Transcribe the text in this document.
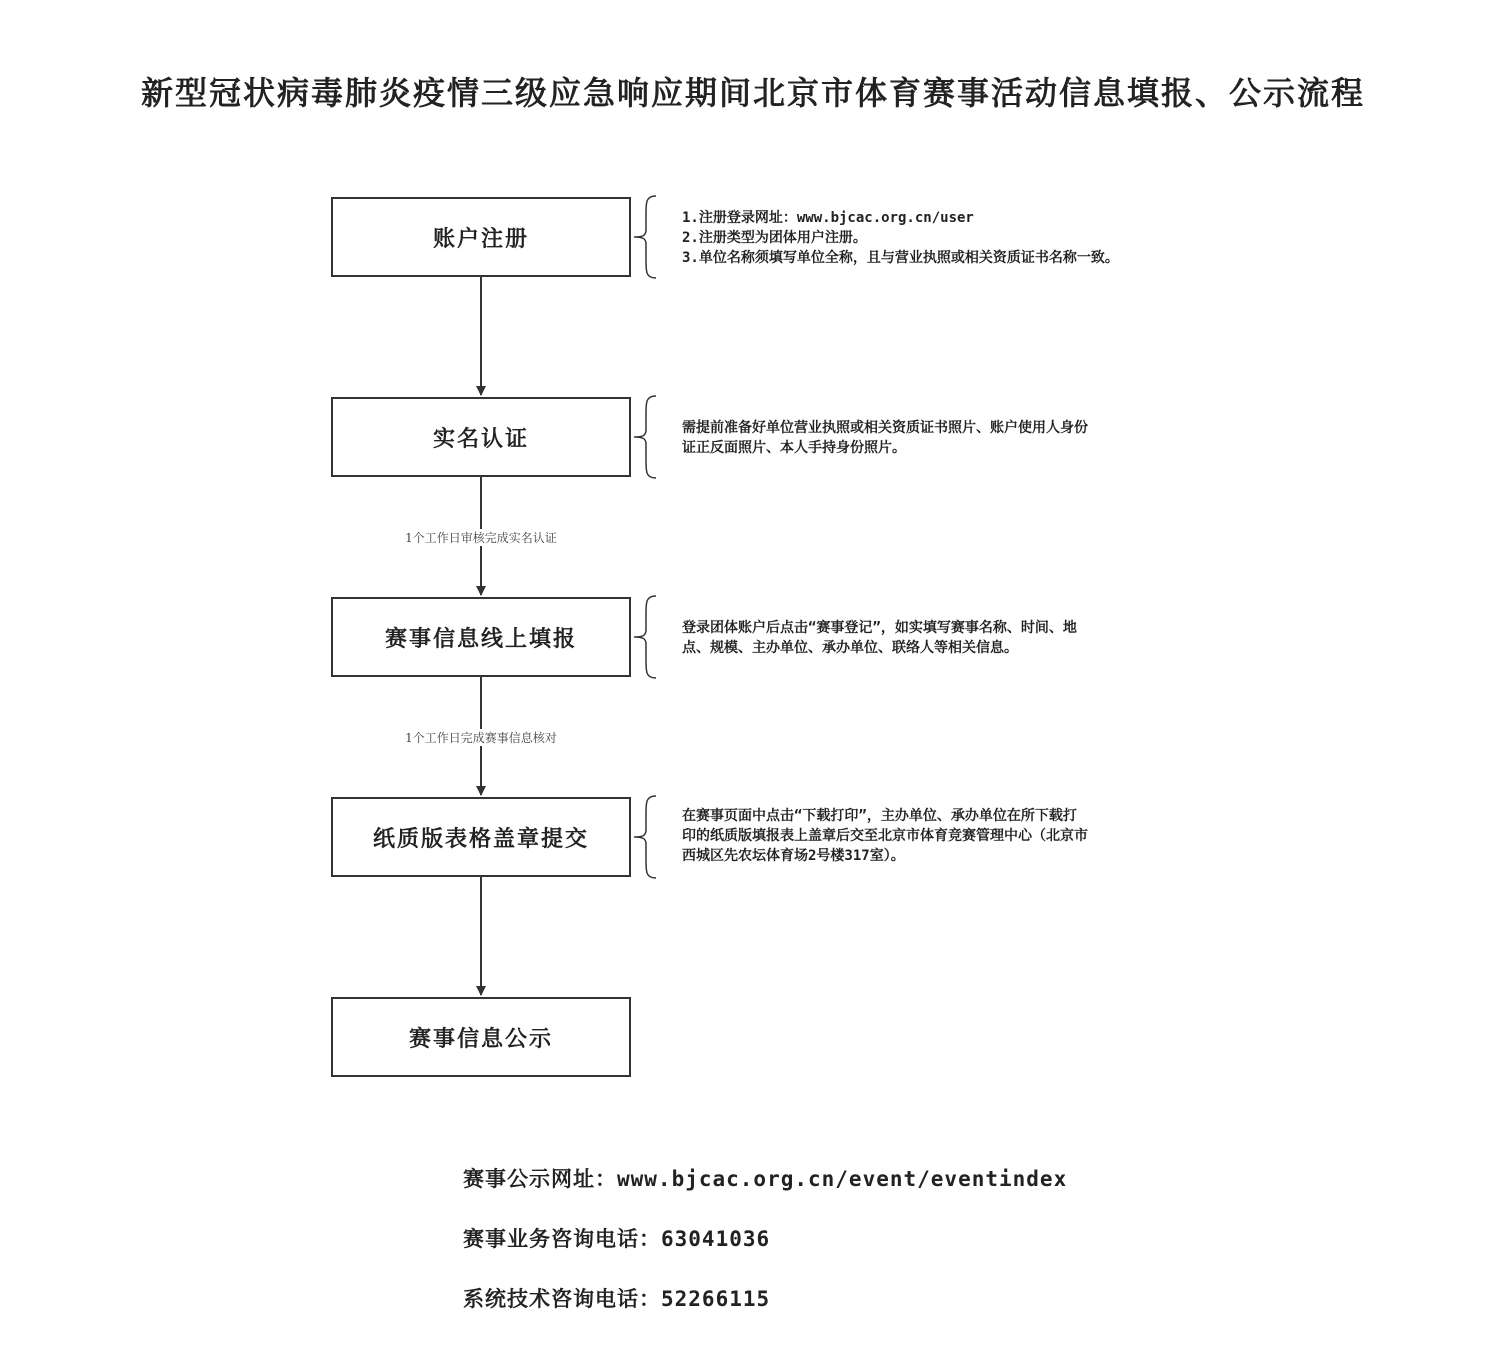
新型冠状病毒肺炎疫情三级应急响应期间北京市体育赛事活动信息填报、公示流程
账户注册
实名认证
赛事信息线上填报
纸质版表格盖章提交
赛事信息公示
1.注册登录网址：www.bjcac.org.cn/user
2.注册类型为团体用户注册。
3.单位名称须填写单位全称，且与营业执照或相关资质证书名称一致。
需提前准备好单位营业执照或相关资质证书照片、账户使用人身份
证正反面照片、本人手持身份照片。
登录团体账户后点击“赛事登记”，如实填写赛事名称、时间、地
点、规模、主办单位、承办单位、联络人等相关信息。
在赛事页面中点击“下载打印”，主办单位、承办单位在所下载打
印的纸质版填报表上盖章后交至北京市体育竞赛管理中心（北京市
西城区先农坛体育场2号楼317室）。
1个工作日审核完成实名认证
1个工作日完成赛事信息核对
赛事公示网址：www.bjcac.org.cn/event/eventindex
赛事业务咨询电话：63041036
系统技术咨询电话：52266115
